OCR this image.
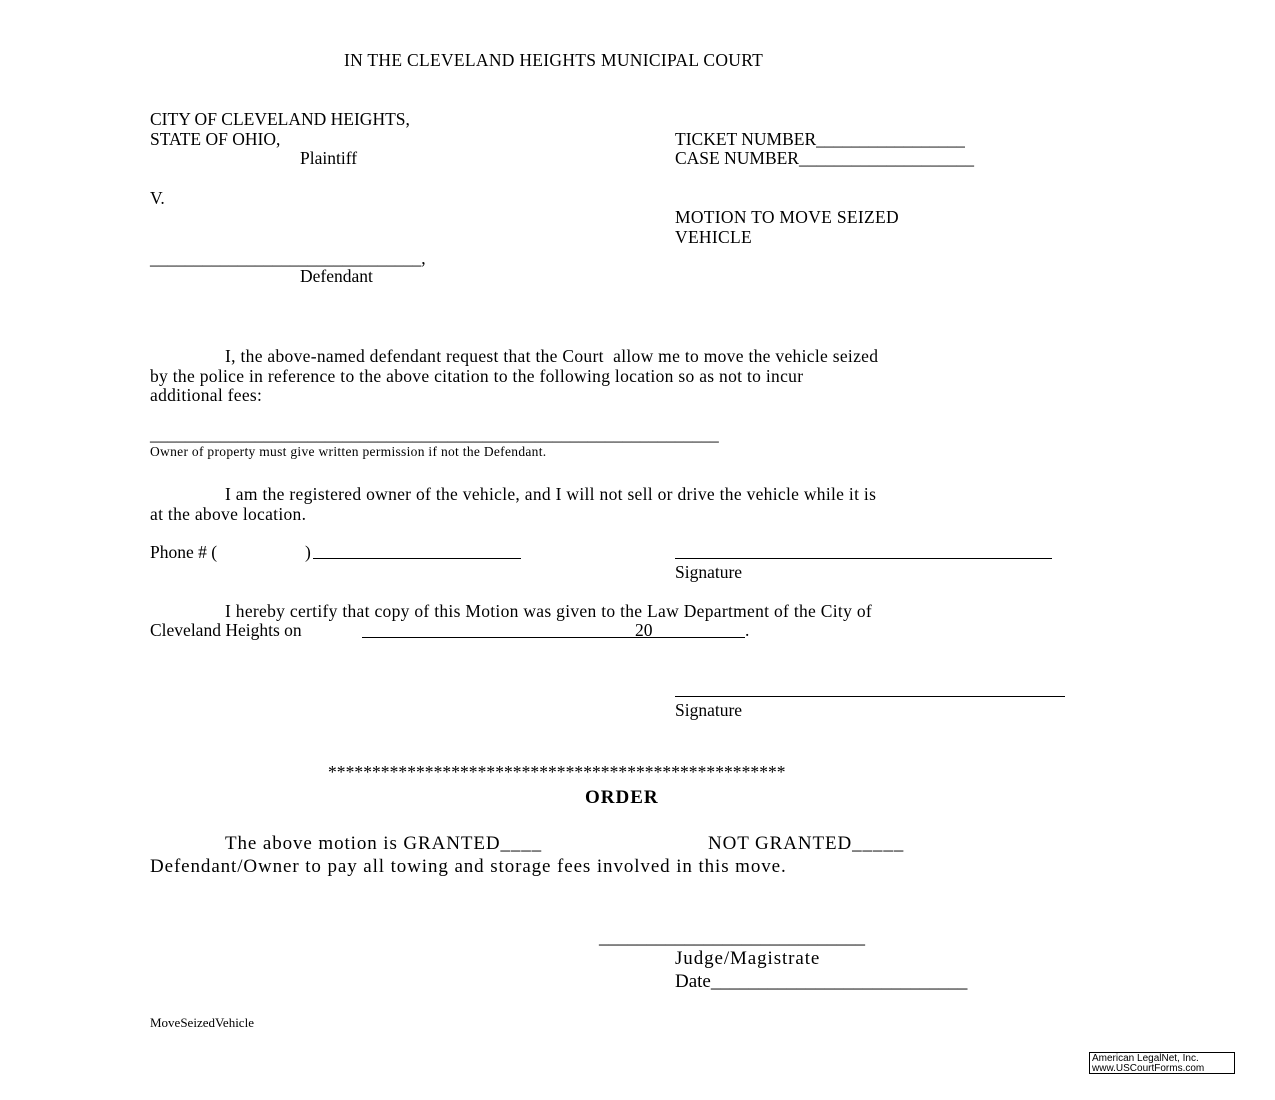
IN THE CLEVELAND HEIGHTS MUNICIPAL COURT
CITY OF CLEVELAND HEIGHTS,
STATE OF OHIO,
Plaintiff
V.
_______________________________,
Defendant
TICKET NUMBER_________________
CASE NUMBER____________________
MOTION TO MOVE SEIZED
VEHICLE
I, the above-named defendant request that the Court  allow me to move the vehicle seized
by the police in reference to the above citation to the following location so as not to incur
additional fees:
_________________________________________________________________
Owner of property must give written permission if not the Defendant.
I am the registered owner of the vehicle, and I will not sell or drive the vehicle while it is
at the above location.
Phone # (	)
Signature
I hereby certify that copy of this Motion was given to the Law Department of the City of
Cleveland Heights on	20	.
Signature
****************************************************
ORDER
The above motion is GRANTED____	NOT GRANTED_____
Defendant/Owner to pay all towing and storage fees involved in this move.
____________________________
Judge/Magistrate
Date___________________________
MoveSeizedVehicle
American LegalNet, Inc.
www.USCourtForms.com
